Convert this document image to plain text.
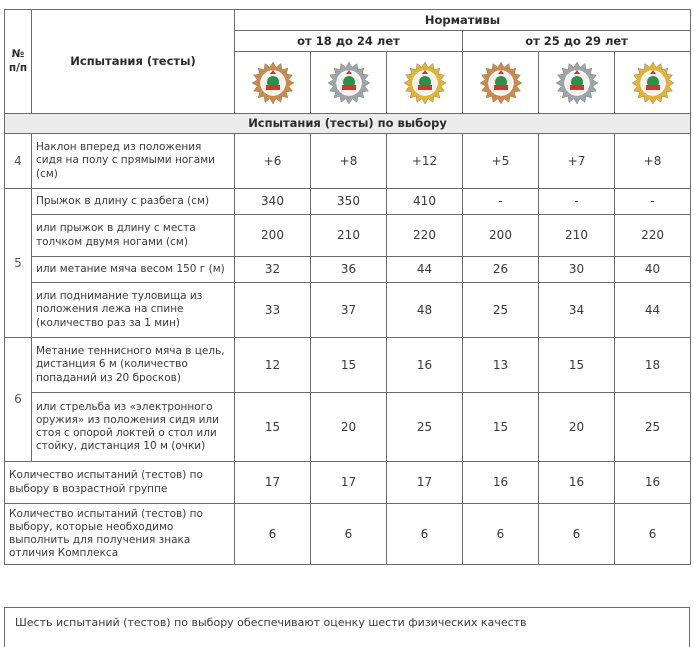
№
п/п	Испытания (тесты)	Нормативы					
		от 18 до 24 лет			от 25 до 29 лет		

Испытания (тесты) по выбору							
4	Наклон вперед из положения сидя на полу с прямыми ногами (см)	+6	+8	+12	+5	+7	+8
5	Прыжок в длину с разбега (см)	340	350	410	-	-	-
	или прыжок в длину с места толчком двумя ногами (см)	200	210	220	200	210	220
	или метание мяча весом 150 г (м)	32	36	44	26	30	40
	или поднимание туловища из положения лежа на спине (количество раз за 1 мин)	33	37	48	25	34	44
6	Метание теннисного мяча в цель, дистанция 6 м (количество попаданий из 20 бросков)	12	15	16	13	15	18
	или стрельба из «электронного оружия» из положения сидя или стоя с опорой локтей о стол или стойку, дистанция 10 м (очки)	15	20	25	15	20	25
Количество испытаний (тестов) по выбору в возрастной группе		17	17	17	16	16	16
Количество испытаний (тестов) по выбору, которые необходимо выполнить для получения знака отличия Комплекса		6	6	6	6	6	6
Шесть испытаний (тестов) по выбору обеспечивают оценку шести физических качеств
